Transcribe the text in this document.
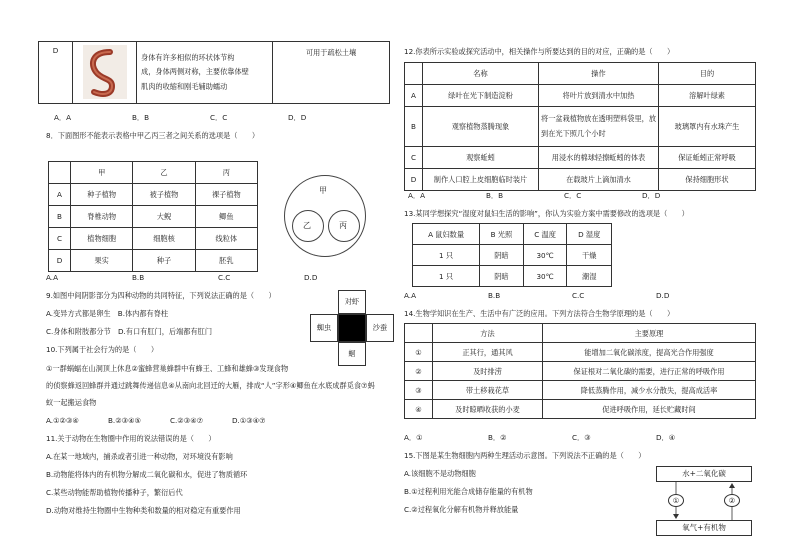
D		
身体有许多相似的环状体节构
成，身体两侧对称，主要依靠体壁
肌肉的收缩和刚毛辅助蠕动
	可用于疏松土壤
A．A	B．B	C．C	D．D
8．下面图形不能表示表格中甲乙丙三者之间关系的选项是（　　）
	甲	乙	丙
A	种子植物	被子植物	裸子植物
B	脊椎动物	大鲵	鲫鱼
C	植物细胞	细胞核	线粒体
D	果实	种子	胚乳
甲
乙	丙
A.A	B.B	C.C	D.D
9.如图中间阴影部分为四种动物的共同特征，下列说法正确的是（　　）
A.变异方式都是卵生　B.体内都有脊柱
C.身体和附肢都分节　D.有口有肛门，后端都有肛门
对虾
蜘虫	沙蚕
蛔
10.下列属于社会行为的是（　　）
①一群蜗蝠在山洞顶上休息②蜜蜂营巢蜂群中有蜂王、工蜂和雄蜂③发现食物
的侦察蜂返回蜂群并通过跳舞传递信息④从南向北回迁的大雁，排成“人”字形④鲫鱼在水底成群觅食⑦蚂
蚁一起搬运食物
A.①②③④	B.②③④⑤	C.②③④⑦	D.①③④⑦
11.关于动物在生物圈中作用的说法错误的是（　　）
A.在某一地域内，捕杀或者引进一种动物，对环境没有影响
B.动物能将体内的有机物分解成二氧化碳和水，促进了物质循环
C.某些动物能帮助植物传播种子，繁衍后代
D.动物对维持生物圈中生物种类和数量的相对稳定有重要作用
12.你表所示实验或探究活动中，相关操作与所要达到的目的对应，正确的是（　　）
	名称	操作	目的
A	绿叶在光下制造淀粉	将叶片放到清水中加热	溶解叶绿素
B	观察植物蒸腾现象	将一盆栽植物放在透明塑料袋里，放到在光下照几个小时	玻璃罩内有水珠产生
C	观察蚯蚓	用浸水的棉球轻擦蚯蚓的体表	保证蚯蚓正常呼吸
D	制作人口腔上皮细胞临时装片	在载玻片上滴加清水	保持细胞形状
A．A	B．B	C．C	D．D
13.某同学想探究“湿度对鼠妇生活的影响”，你认为实验方案中需要修改的选项是（　　）
A 鼠妇数量	B 光照	C 温度	D 湿度
1 只	阴暗	30℃	干燥
1 只	阴暗	30℃	潮湿
A.A	B.B	C.C	D.D
14.生物学知识在生产、生活中有广泛的应用。下列方法符合生物学原理的是（　　）
	方法	主要原理
①	正其行，通其风	能增加二氧化碳浓度，提高光合作用强度
②	及时排涝	保证根对二氧化碳的需要，进行正常的呼吸作用
③	带土移栽花草	降低蒸腾作用，减少水分散失，提高成活率
④	及时晾晒收获的小麦	促进呼吸作用，延长贮藏时间
A．①	B．②	C．③	D．④
15.下图是某生物细胞内两种生理活动示意图。下列说法不正确的是（　　）
A.该细胞不是动物细胞
B.①过程利用光能合成储存能量的有机物
C.②过程氧化分解有机物并释放能量
水+二氧化碳
①	②
氧气+有机物
